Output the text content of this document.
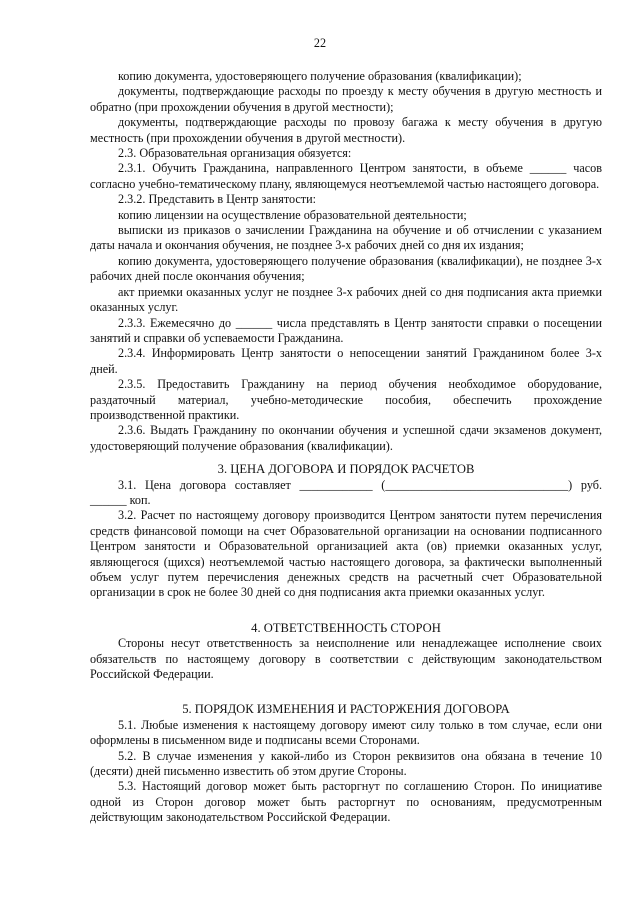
22

копию документа, удостоверяющего получение образования (квалификации);

документы, подтверждающие расходы по проезду к месту обучения в другую местность и обратно (при прохождении обучения в другой местности);

документы, подтверждающие расходы по провозу багажа к месту обучения в другую местность (при прохождении обучения в другой местности).

2.3. Образовательная организация обязуется:

2.3.1. Обучить Гражданина, направленного Центром занятости, в объеме ______ часов согласно учебно-тематическому плану, являющемуся неотъемлемой частью настоящего договора.

2.3.2. Представить в Центр занятости:

копию лицензии на осуществление образовательной деятельности;

выписки из приказов о зачислении Гражданина на обучение и об отчислении с указанием даты начала и окончания обучения, не позднее 3-х рабочих дней со дня их издания;

копию документа, удостоверяющего получение образования (квалификации), не позднее 3-х рабочих дней после окончания обучения;

акт приемки оказанных услуг не позднее 3-х рабочих дней со дня подписания акта приемки оказанных услуг.

2.3.3. Ежемесячно до ______ числа представлять в Центр занятости справки о посещении занятий и справки об успеваемости Гражданина.

2.3.4. Информировать Центр занятости о непосещении занятий Гражданином более 3-х дней.

2.3.5. Предоставить Гражданину на период обучения необходимое оборудование, раздаточный материал, учебно-методические пособия, обеспечить прохождение производственной практики.

2.3.6. Выдать Гражданину по окончании обучения и успешной сдачи экзаменов документ, удостоверяющий получение образования (квалификации).

3. ЦЕНА ДОГОВОРА И ПОРЯДОК РАСЧЕТОВ

3.1. Цена договора составляет ____________ (______________________________) руб. ______ коп.

3.2. Расчет по настоящему договору производится Центром занятости путем перечисления средств финансовой помощи на счет Образовательной организации на основании подписанного Центром занятости и Образовательной организацией акта (ов) приемки оказанных услуг, являющегося (щихся) неотъемлемой частью настоящего договора, за фактически выполненный объем услуг путем перечисления денежных средств на расчетный счет Образовательной организации в срок не более 30 дней со дня подписания акта приемки оказанных услуг.

4. ОТВЕТСТВЕННОСТЬ СТОРОН

Стороны несут ответственность за неисполнение или ненадлежащее исполнение своих обязательств по настоящему договору в соответствии с действующим законодательством Российской Федерации.

5. ПОРЯДОК ИЗМЕНЕНИЯ И РАСТОРЖЕНИЯ ДОГОВОРА

5.1. Любые изменения к настоящему договору имеют силу только в том случае, если они оформлены в письменном виде и подписаны всеми Сторонами.

5.2. В случае изменения у какой-либо из Сторон реквизитов она обязана в течение 10 (десяти) дней письменно известить об этом другие Стороны.

5.3. Настоящий договор может быть расторгнут по соглашению Сторон. По инициативе одной из Сторон договор может быть расторгнут по основаниям, предусмотренным действующим законодательством Российской Федерации.
